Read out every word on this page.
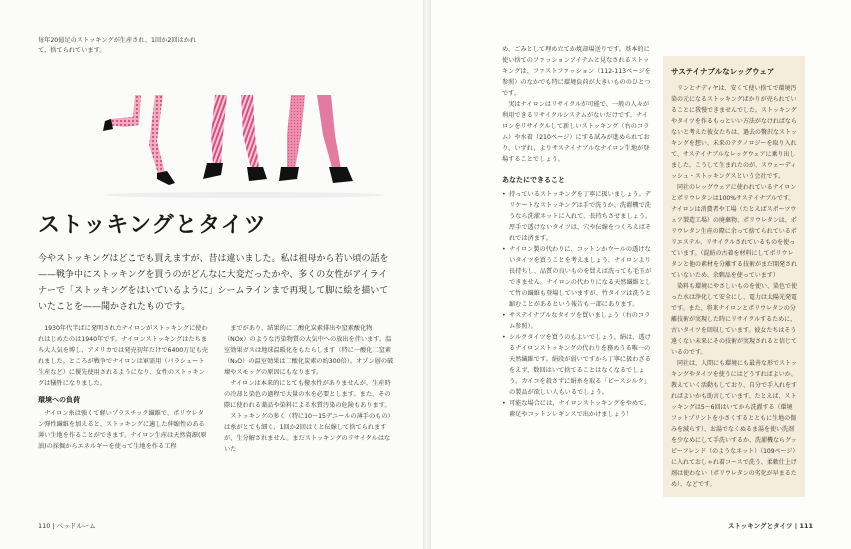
毎年20億足のストッキングが生産され、1回か2回はかれて、捨てられています。
ストッキングとタイツ
今やストッキングはどこでも買えますが、昔は違いました。私は祖母から若い頃の話を——戦争中にストッキングを買うのがどんなに大変だったかや、多くの女性がアイライナーで「ストッキングをはいているように」シームラインまで再現して脚に絵を描いていたことを——聞かされたものです。

1930年代半ばに発明されたナイロンがストッキングに使われはじめたのは1940年です。ナイロンストッキングはたちまち大人気を博し、アメリカでは発売初年だけで6400万足も売れました。ところが戦争でナイロンは軍需用（パラシュート生産など）に優先使用されるようになり、女性のストッキングは犠牲になりました。

環境への負荷

ナイロン糸は強くて軽いプラスチック繊維で、ポリウレタン弾性繊維を加えると、ストッキングに適した伸縮性のある薄い生地を作ることができます。ナイロン生産は天然資源(原油)の採掘からエネルギーを使って生地を作る工程

までがあり、結果的に二酸化炭素排出や窒素酸化物（NOx）のような汚染物質の大気中への放出を伴います。温室効果ガスは地球温暖化をもたらします（特に一酸化二窒素（N₂O）の温室効果は二酸化炭素の約300倍）。オゾン層の破壊やスモッグの原因にもなります。

ナイロンは本来的にとても撥水性がありませんが、生産時の冷却と染色の過程で大量の水を必要とします。また、その際に使われる薬品や染料による水質汚染の危険もあります。

ストッキングの多く（特に10〜15デニールの薄手のもの）は糸がとても細く、1回か2回はくと伝線して捨てられますが、生分解されません。まだストッキングのリサイクルはないた

110 | ベッドルーム

め、ごみとして埋め立てか焼却場送りです。基本的に使い捨てのファッションアイテムと見なされるストッキングは、ファストファッション（112-113ページを参照）のなかでも特に環境負荷が大きいもののひとつです。

実はナイロンはリサイクルが可能で、一般の人々が利用できるリサイクルシステムがないだけです。ナイロンをリサイクルして新しいストッキング（右のコラム）や水着（210ページ）にする試みが進められており、いずれ、よりサステイナブルなナイロン生地が登場することでしょう。

あなたにできること
• 持っているストッキングを丁寧に扱いましょう。デリケートなストッキングは手で洗うか、洗濯機で洗うなら洗濯ネットに入れて、長持ちさせましょう。厚手で透けないタイツは、穴や伝線をつくろえばそれでは済ます。
• ナイロン製の代わりに、コットンかウールの透けないタイツを買うことを考えましょう。ナイロンより長持ちし、品質の良いものを買えば洗っても毛玉ができません。ナイロンの代わりになる天然繊維として竹の繊維も登場していますが、竹タイツは洗うと縮むことがあるという報告も一部にあります。
• サステイナブルなタイツを買いましょう（右のコラム参照）。
• シルクタイツを買うのもよいでしょう。絹は、透けるナイロンストッキングの代わりを務めうる唯一の天然繊維です。絹段が弱いですから丁寧に扱わざるをえず、数回はいて捨てることはなくなるでしょう。カイコを殺さずに絹糸を取る「ピースシルク」の製品が欲しい人もいるでしょう。
• 可能な場合には、ナイロンストッキングをやめて、素足やコットンレギンスで出かけましょう！
サステイナブルなレッグウェア

リンとナディヤは、安くて使い捨てで環境汚染の元になるストッキングばかりが売られていることに我慢できませんでした。ストッキングやタイツを作るもっといい方法がなければならないと考えた彼女たちは、過去の贅沢なストッキングを想い、未来のテクノロジーを取り入れて、サステイナブルなレッグウェアに乗り出しました。こうして生まれたのが、スウェーディッシュ・ストッキングスという会社です。

同社のレッグウェアに使われているナイロンとポリウレタンは100%サステイナブルです。ナイロンは消費者や工場（たとえばスポーツウェア製造工場）の廃棄物、ポリウレタンは、ポリウレタン生産の際に余って捨てられているポリエステル、リサイクルされているものを使っています。（混紡の古着を材料にしてポリウレタンと他の素材を分離する技術がまだ開発されていないため、余剰品を使っています）

染料も環境にやさしいものを使い、染色で使った水は浄化して安全にし、電力は太陽光発電です。また、将来ナイロンとポリウレタンの分離技術が実現した時にリサイクルするために、古いタイツを回収しています。彼女たちはそう遠くない未来にその技術が実現されると信じているのです。

同社は、人間にも環境にも最善な形でストッキングやタイツを使うにはどうすればよいか、教えていく活動もしており、自分で手入れをすればよいかも助言しています。たとえば、ストッキングは5〜6回はいてから洗濯する（環境フットプリントを小さくするとともに生地の傷みを減らす）、お湯でなくぬるま湯を使い洗剤を少なめにして手洗いするか、洗濯機ならグッピーフレンド（のようなネット）（109ページ）に入れておしゃれ着コースで洗う、柔軟仕上げ剤は使わない（ポリウレタンの劣化が早まるため）、などです。

ストッキングとタイツ | 111
